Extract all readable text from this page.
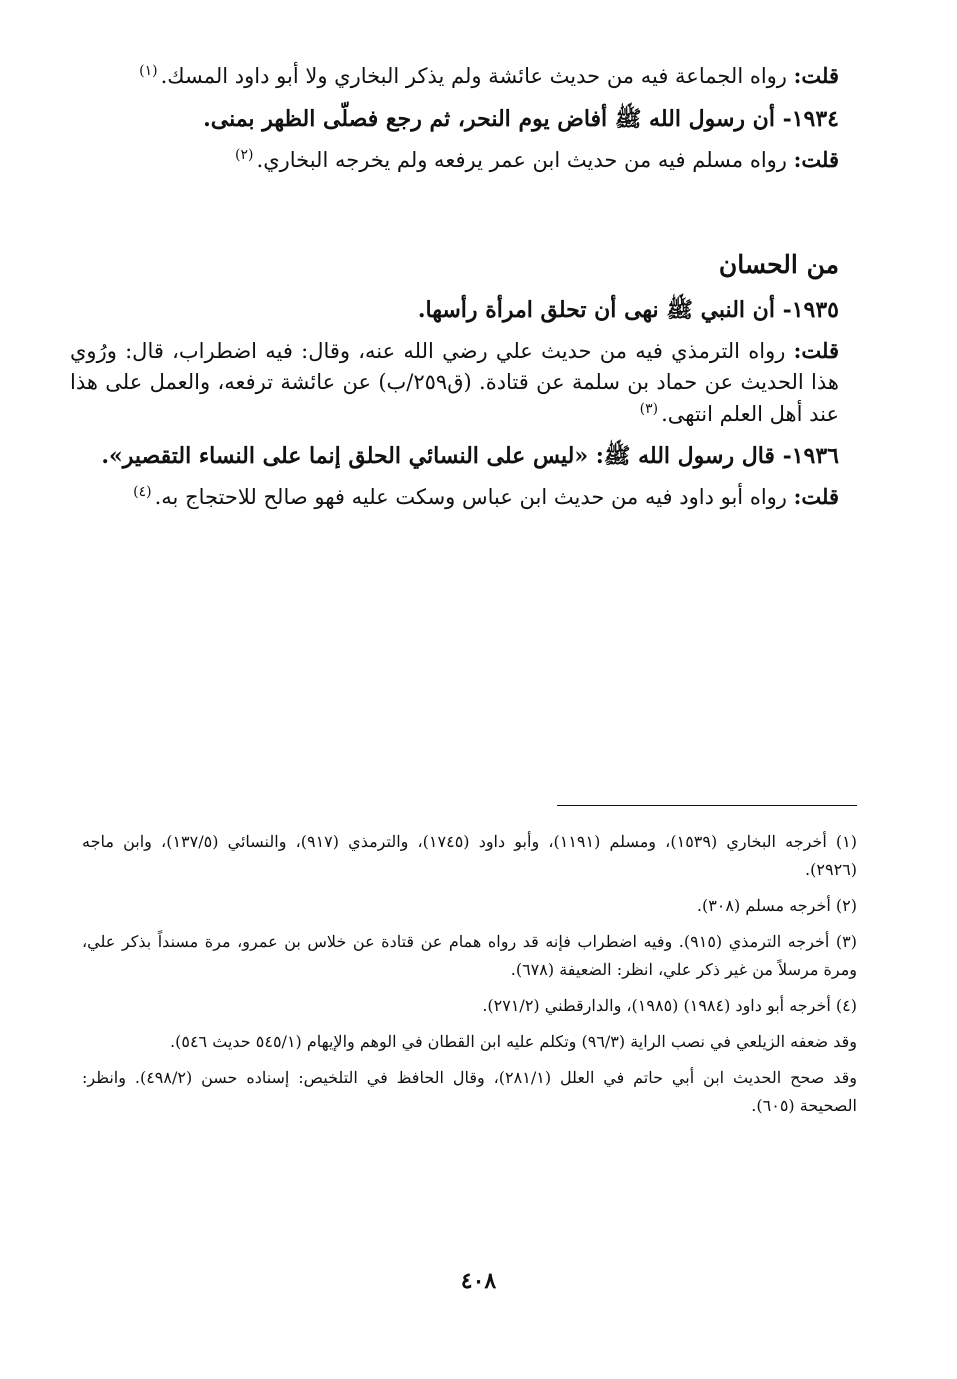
قلت: رواه الجماعة فيه من حديث عائشة ولم يذكر البخاري ولا أبو داود المسك.$^{(١)}$

١٩٣٤- أن رسول الله ﷺ أفاض يوم النحر، ثم رجع فصلّى الظهر بمنى.

قلت: رواه مسلم فيه من حديث ابن عمر يرفعه ولم يخرجه البخاري.$^{(٢)}$

من الحسان

١٩٣٥- أن النبي ﷺ نهى أن تحلق امرأة رأسها.

قلت: رواه الترمذي فيه من حديث علي رضي الله عنه، وقال: فيه اضطراب، قال: ورُوي هذا الحديث عن حماد بن سلمة عن قتادة. (ق٢٥٩/ب) عن عائشة ترفعه، والعمل على هذا عند أهل العلم انتهى.$^{(٣)}$

١٩٣٦- قال رسول الله ﷺ: «ليس على النسائي الحلق إنما على النساء التقصير».

قلت: رواه أبو داود فيه من حديث ابن عباس وسكت عليه فهو صالح للاحتجاج به.$^{(٤)}$

(١) أخرجه البخاري (١٥٣٩)، ومسلم (١١٩١)، وأبو داود (١٧٤٥)، والترمذي (٩١٧)، والنسائي (١٣٧/٥)، وابن ماجه (٢٩٢٦).

(٢) أخرجه مسلم (٣٠٨).

(٣) أخرجه الترمذي (٩١٥). وفيه اضطراب فإنه قد رواه همام عن قتادة عن خلاس بن عمرو، مرة مسنداً بذكر علي، ومرة مرسلاً من غير ذكر علي، انظر: الضعيفة (٦٧٨).

(٤) أخرجه أبو داود (١٩٨٤) (١٩٨٥)، والدارقطني (٢٧١/٢).

وقد ضعفه الزيلعي في نصب الراية (٩٦/٣) وتكلم عليه ابن القطان في الوهم والإيهام (٥٤٥/١ حديث ٥٤٦).

وقد صحح الحديث ابن أبي حاتم في العلل (٢٨١/١)، وقال الحافظ في التلخيص: إسناده حسن (٤٩٨/٢). وانظر: الصحيحة (٦٠٥).

٤٠٨
